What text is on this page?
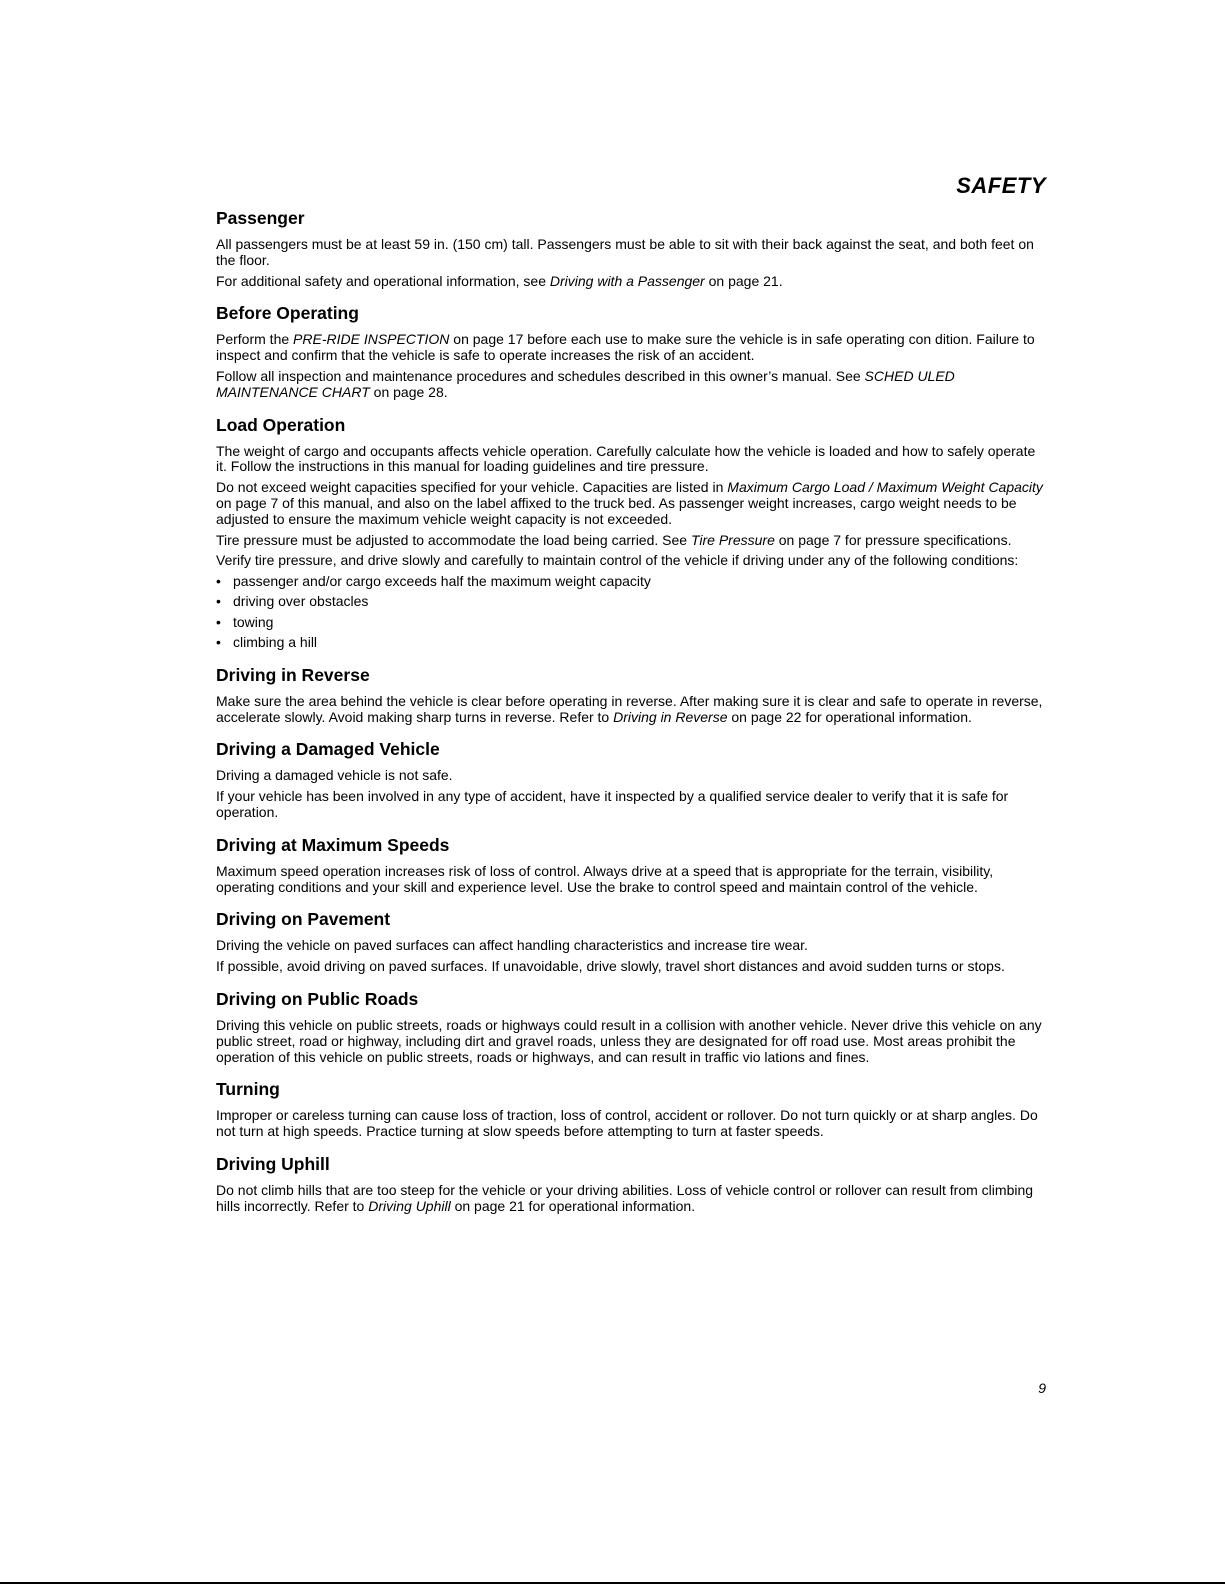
SAFETY
Passenger

All passengers must be at least 59 in. (150 cm) tall. Passengers must be able to sit with their back against the seat, and both feet on the floor.

For additional safety and operational information, see Driving with a Passenger on page 21.

Before Operating

Perform the PRE-RIDE INSPECTION on page 17 before each use to make sure the vehicle is in safe operating con dition. Failure to inspect and confirm that the vehicle is safe to operate increases the risk of an accident.

Follow all inspection and maintenance procedures and schedules described in this owner’s manual. See SCHED ULED MAINTENANCE CHART on page 28.

Load Operation

The weight of cargo and occupants affects vehicle operation. Carefully calculate how the vehicle is loaded and how to safely operate it. Follow the instructions in this manual for loading guidelines and tire pressure.

Do not exceed weight capacities specified for your vehicle. Capacities are listed in Maximum Cargo Load / Maximum Weight Capacity on page 7 of this manual, and also on the label affixed to the truck bed. As passenger weight increases, cargo weight needs to be adjusted to ensure the maximum vehicle weight capacity is not exceeded.

Tire pressure must be adjusted to accommodate the load being carried. See Tire Pressure on page 7 for pressure specifications.

Verify tire pressure, and drive slowly and carefully to maintain control of the vehicle if driving under any of the following conditions:

• passenger and/or cargo exceeds half the maximum weight capacity
• driving over obstacles
• towing
• climbing a hill
Driving in Reverse

Make sure the area behind the vehicle is clear before operating in reverse. After making sure it is clear and safe to operate in reverse, accelerate slowly. Avoid making sharp turns in reverse. Refer to Driving in Reverse on page 22 for operational information.

Driving a Damaged Vehicle

Driving a damaged vehicle is not safe.

If your vehicle has been involved in any type of accident, have it inspected by a qualified service dealer to verify that it is safe for operation.

Driving at Maximum Speeds

Maximum speed operation increases risk of loss of control. Always drive at a speed that is appropriate for the terrain, visibility, operating conditions and your skill and experience level. Use the brake to control speed and maintain control of the vehicle.

Driving on Pavement

Driving the vehicle on paved surfaces can affect handling characteristics and increase tire wear.

If possible, avoid driving on paved surfaces. If unavoidable, drive slowly, travel short distances and avoid sudden turns or stops.

Driving on Public Roads

Driving this vehicle on public streets, roads or highways could result in a collision with another vehicle. Never drive this vehicle on any public street, road or highway, including dirt and gravel roads, unless they are designated for off road use. Most areas prohibit the operation of this vehicle on public streets, roads or highways, and can result in traffic vio lations and fines.

Turning

Improper or careless turning can cause loss of traction, loss of control, accident or rollover. Do not turn quickly or at sharp angles. Do not turn at high speeds. Practice turning at slow speeds before attempting to turn at faster speeds.

Driving Uphill

Do not climb hills that are too steep for the vehicle or your driving abilities. Loss of vehicle control or rollover can result from climbing hills incorrectly. Refer to Driving Uphill on page 21 for operational information.

9
